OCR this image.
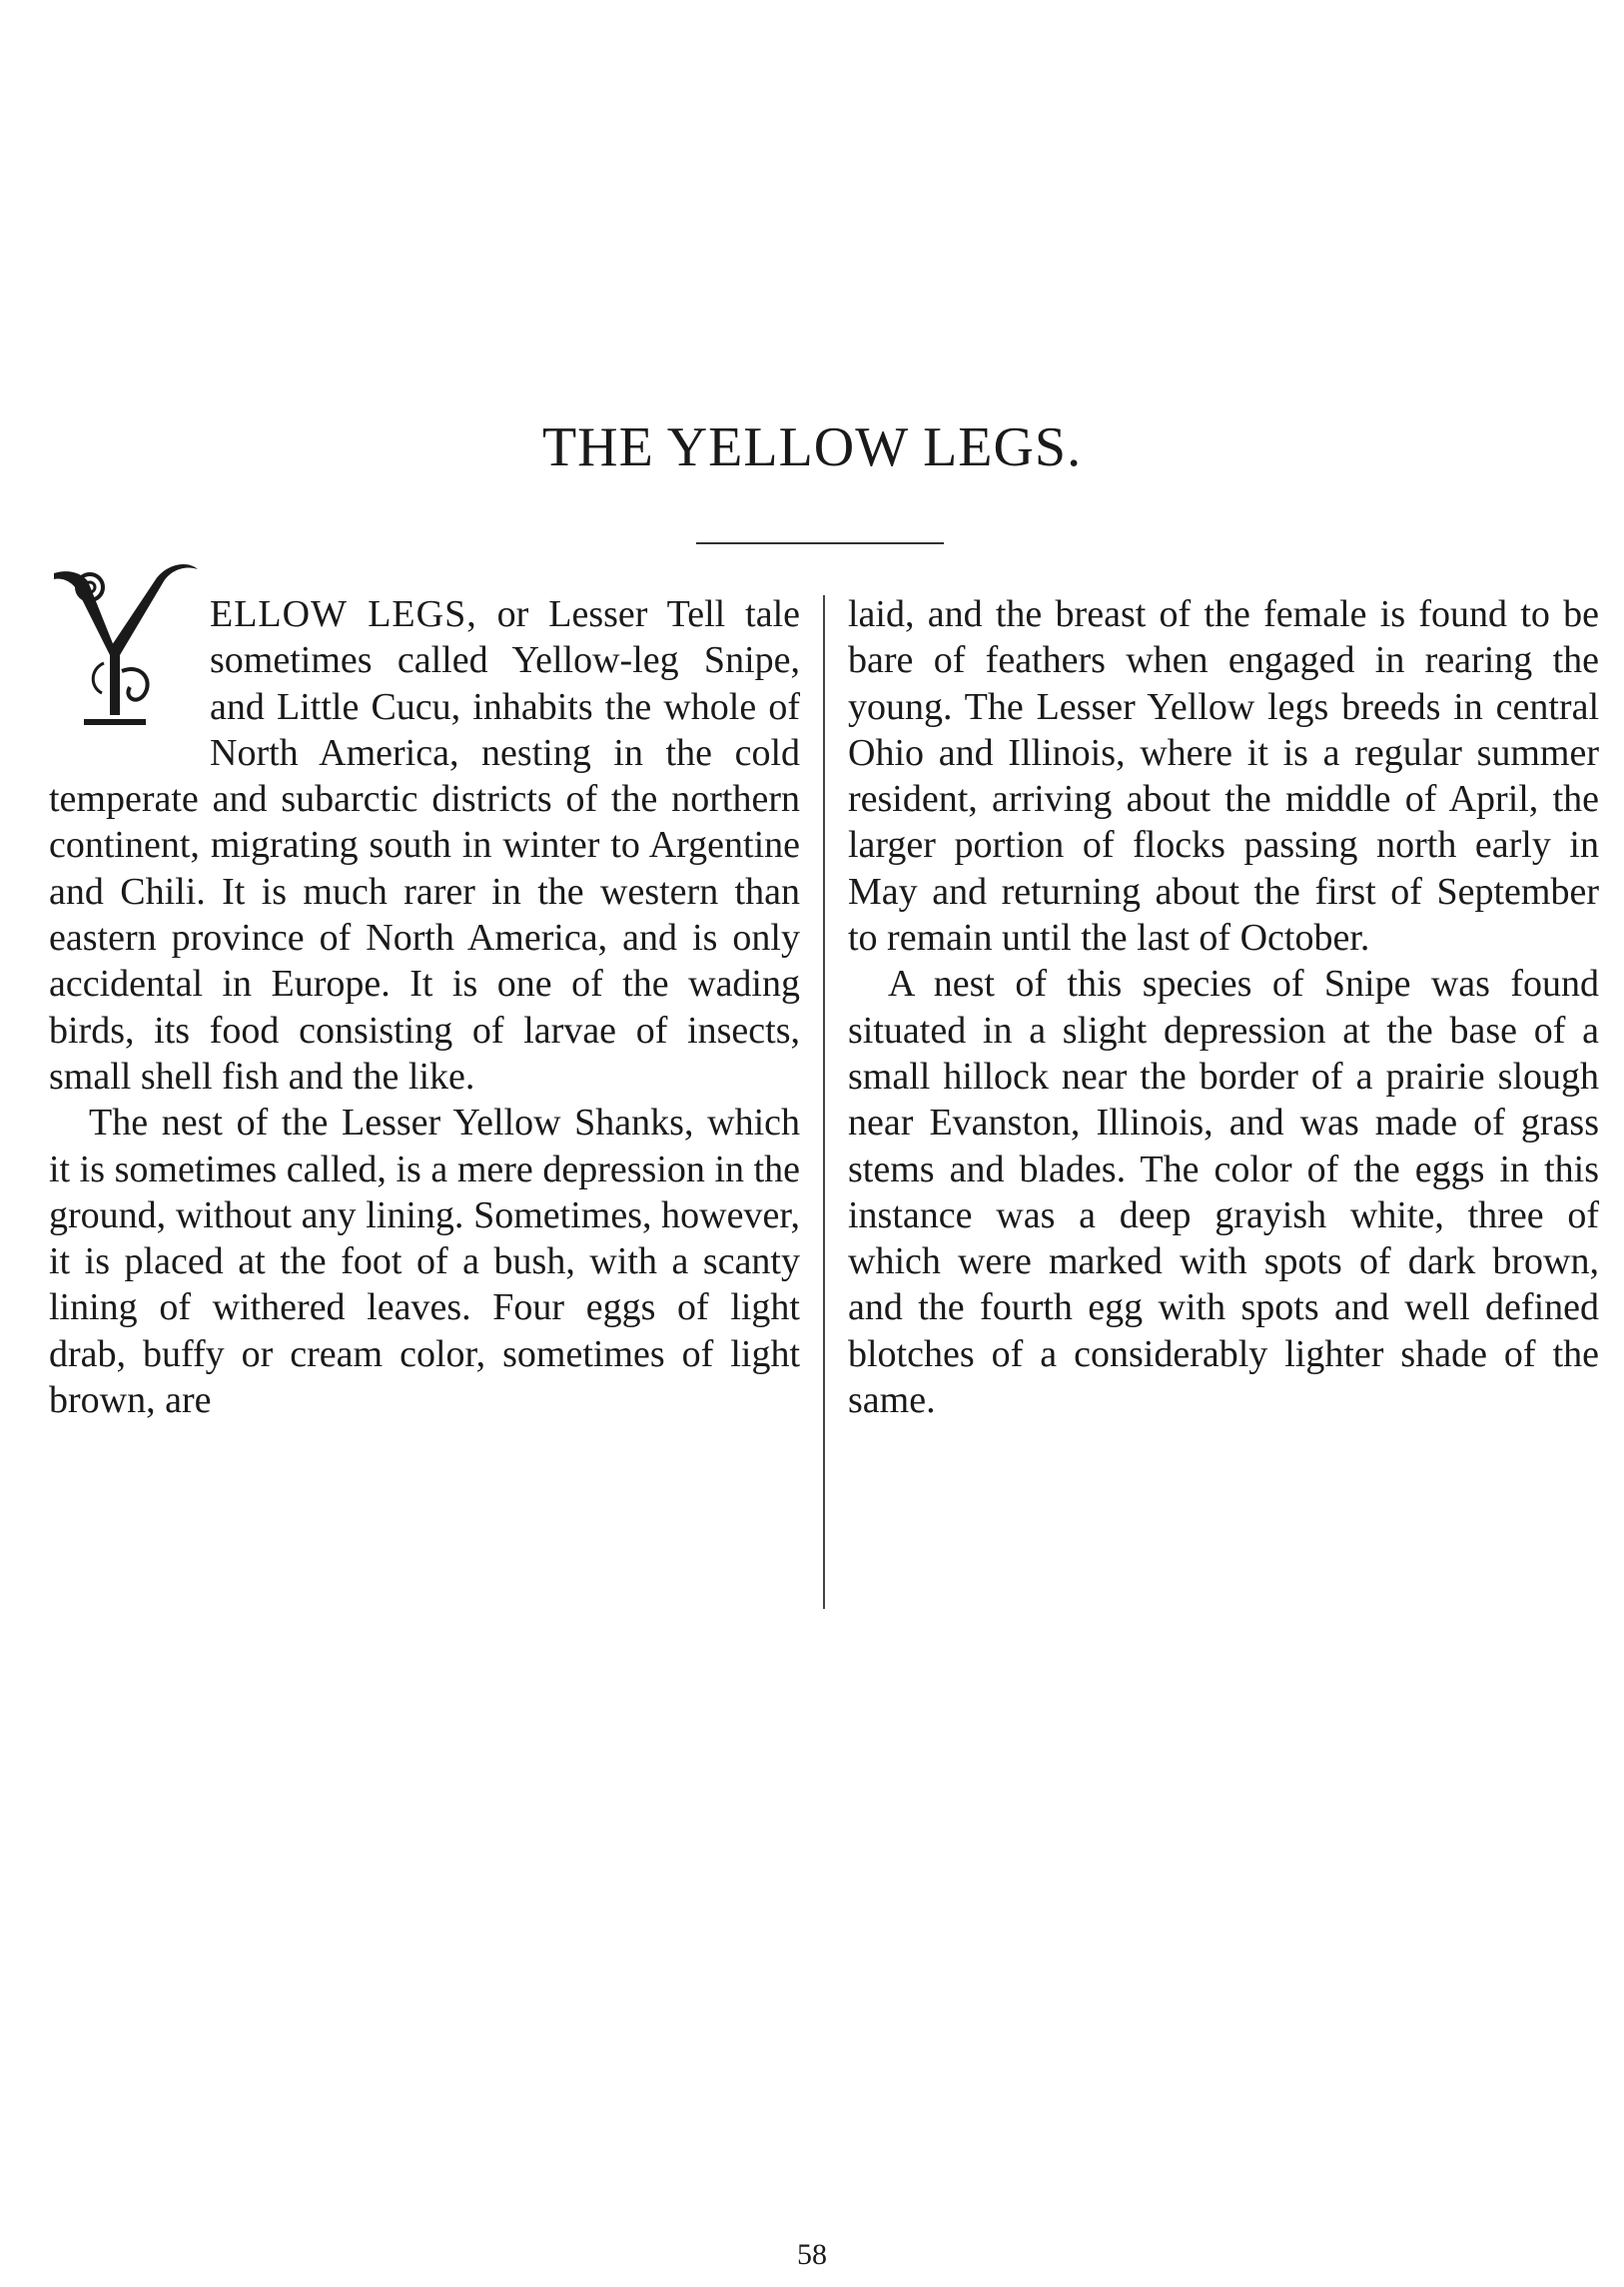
THE YELLOW LEGS.

ELLOW LEGS, or Lesser Tell tale sometimes called Yellow-leg Snipe, and Little Cucu, inhabits the whole of North America, nesting in the cold temperate and subarctic districts of the northern continent, migrating south in winter to Argentine and Chili. It is much rarer in the western than eastern province of North America, and is only accidental in Europe. It is one of the wading birds, its food consisting of larvae of insects, small shell fish and the like.

The nest of the Lesser Yellow Shanks, which it is sometimes called, is a mere depression in the ground, without any lining. Sometimes, however, it is placed at the foot of a bush, with a scanty lining of withered leaves. Four eggs of light drab, buffy or cream color, sometimes of light brown, are

laid, and the breast of the female is found to be bare of feathers when engaged in rearing the young. The Lesser Yellow legs breeds in central Ohio and Illinois, where it is a regular summer resident, arriving about the middle of April, the larger portion of flocks passing north early in May and returning about the first of September to remain until the last of October.

A nest of this species of Snipe was found situated in a slight depression at the base of a small hillock near the border of a prairie slough near Evanston, Illinois, and was made of grass stems and blades. The color of the eggs in this instance was a deep grayish white, three of which were marked with spots of dark brown, and the fourth egg with spots and well defined blotches of a considerably lighter shade of the same.

58
